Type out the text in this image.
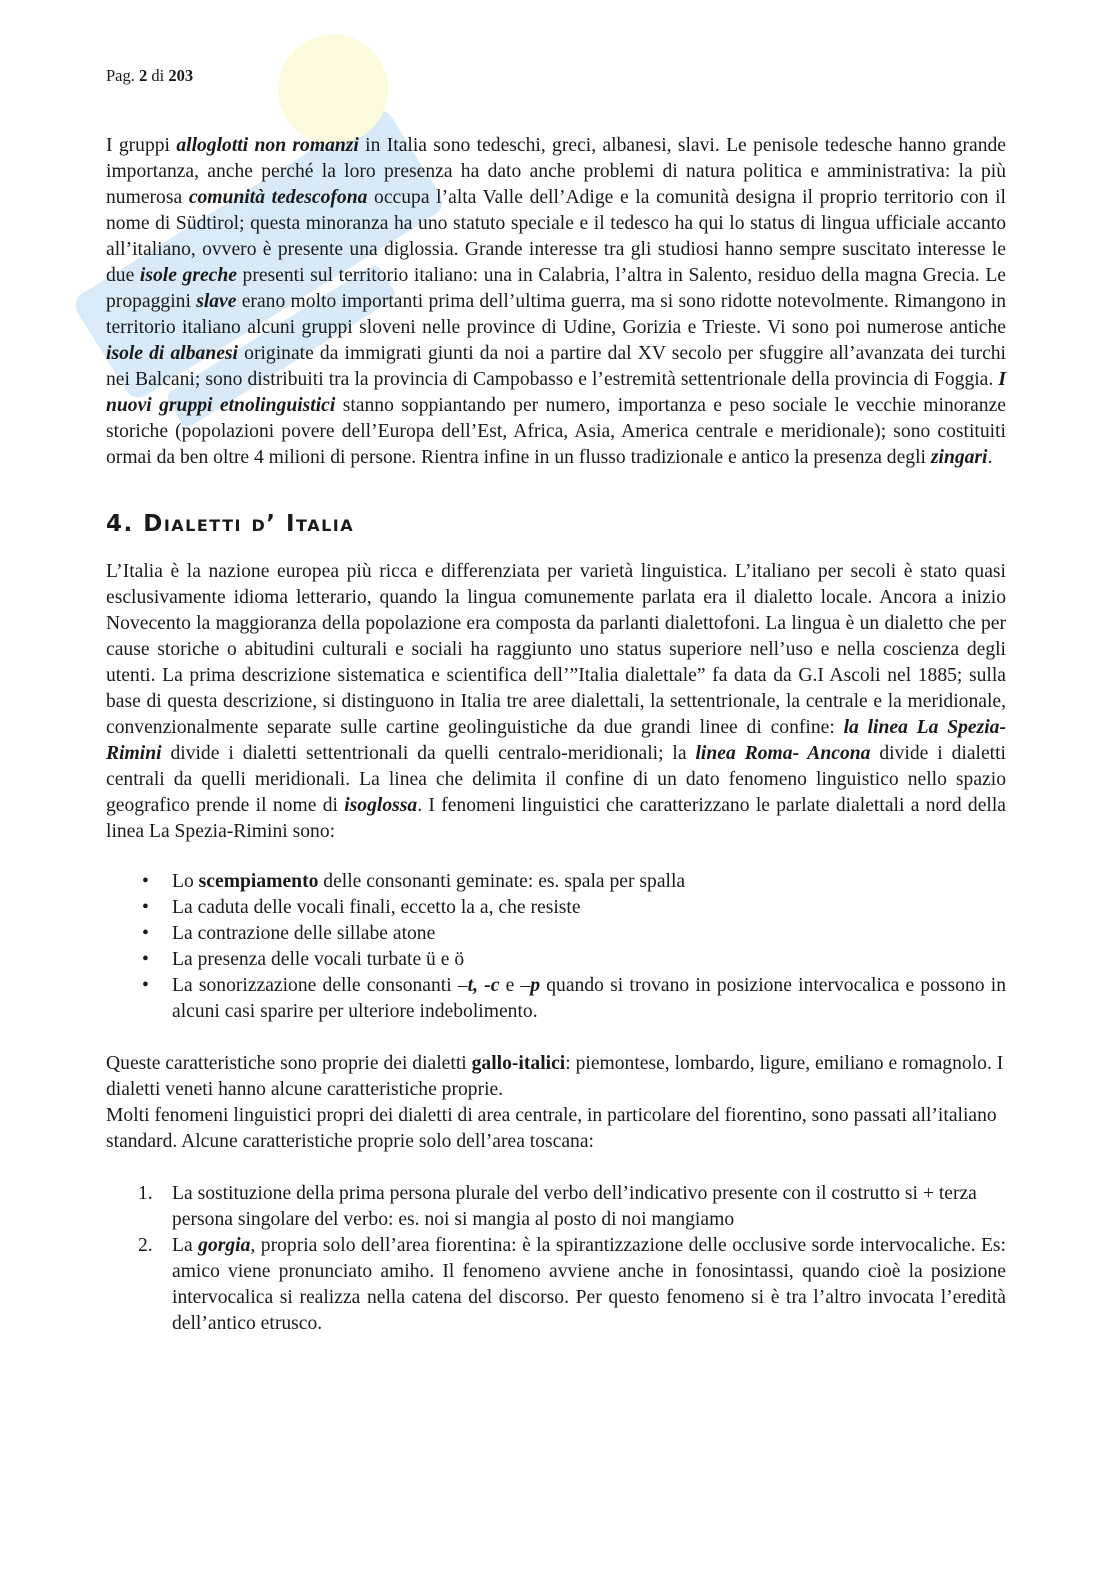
Pag. 2 di 203

I gruppi alloglotti non romanzi in Italia sono tedeschi, greci, albanesi, slavi. Le penisole tedesche hanno grande importanza, anche perché la loro presenza ha dato anche problemi di natura politica e amministrativa: la più numerosa comunità tedescofona occupa l’alta Valle dell’Adige e la comunità designa il proprio territorio con il nome di Südtirol; questa minoranza ha uno statuto speciale e il tedesco ha qui lo status di lingua ufficiale accanto all’italiano, ovvero è presente una diglossia. Grande interesse tra gli studiosi hanno sempre suscitato interesse le due isole greche presenti sul territorio italiano: una in Calabria, l’altra in Salento, residuo della magna Grecia. Le propaggini slave erano molto importanti prima dell’ultima guerra, ma si sono ridotte notevolmente. Rimangono in territorio italiano alcuni gruppi sloveni nelle province di Udine, Gorizia e Trieste. Vi sono poi numerose antiche isole di albanesi originate da immigrati giunti da noi a partire dal XV secolo per sfuggire all’avanzata dei turchi nei Balcani; sono distribuiti tra la provincia di Campobasso e l’estremità settentrionale della provincia di Foggia. I nuovi gruppi etnolinguistici stanno soppiantando per numero, importanza e peso sociale le vecchie minoranze storiche (popolazioni povere dell’Europa dell’Est, Africa, Asia, America centrale e meridionale); sono costituiti ormai da ben oltre 4 milioni di persone. Rientra infine in un flusso tradizionale e antico la presenza degli zingari.

4. Dialetti d’ Italia

L’Italia è la nazione europea più ricca e differenziata per varietà linguistica. L’italiano per secoli è stato quasi esclusivamente idioma letterario, quando la lingua comunemente parlata era il dialetto locale. Ancora a inizio Novecento la maggioranza della popolazione era composta da parlanti dialettofoni. La lingua è un dialetto che per cause storiche o abitudini culturali e sociali ha raggiunto uno status superiore nell’uso e nella coscienza degli utenti. La prima descrizione sistematica e scientifica dell’”Italia dialettale” fa data da G.I Ascoli nel 1885; sulla base di questa descrizione, si distinguono in Italia tre aree dialettali, la settentrionale, la centrale e la meridionale, convenzionalmente separate sulle cartine geolinguistiche da due grandi linee di confine: la linea La Spezia-Rimini divide i dialetti settentrionali da quelli centralo-meridionali; la linea Roma- Ancona divide i dialetti centrali da quelli meridionali. La linea che delimita il confine di un dato fenomeno linguistico nello spazio geografico prende il nome di isoglossa. I fenomeni linguistici che caratterizzano le parlate dialettali a nord della linea La Spezia-Rimini sono:

• Lo scempiamento delle consonanti geminate: es. spala per spalla
• La caduta delle vocali finali, eccetto la a, che resiste
• La contrazione delle sillabe atone
• La presenza delle vocali turbate ü e ö

• La sonorizzazione delle consonanti –t, -c e –p quando si trovano in posizione intervocalica e possono in alcuni casi sparire per ulteriore indebolimento.

Queste caratteristiche sono proprie dei dialetti gallo-italici: piemontese, lombardo, ligure, emiliano e romagnolo. I dialetti veneti hanno alcune caratteristiche proprie.

Molti fenomeni linguistici propri dei dialetti di area centrale, in particolare del fiorentino, sono passati all’italiano standard. Alcune caratteristiche proprie solo dell’area toscana:

1. La sostituzione della prima persona plurale del verbo dell’indicativo presente con il costrutto si + terza persona singolare del verbo: es. noi si mangia al posto di noi mangiamo

2. La gorgia, propria solo dell’area fiorentina: è la spirantizzazione delle occlusive sorde intervocaliche. Es: amico viene pronunciato amiho. Il fenomeno avviene anche in fonosintassi, quando cioè la posizione intervocalica si realizza nella catena del discorso. Per questo fenomeno si è tra l’altro invocata l’eredità dell’antico etrusco.
